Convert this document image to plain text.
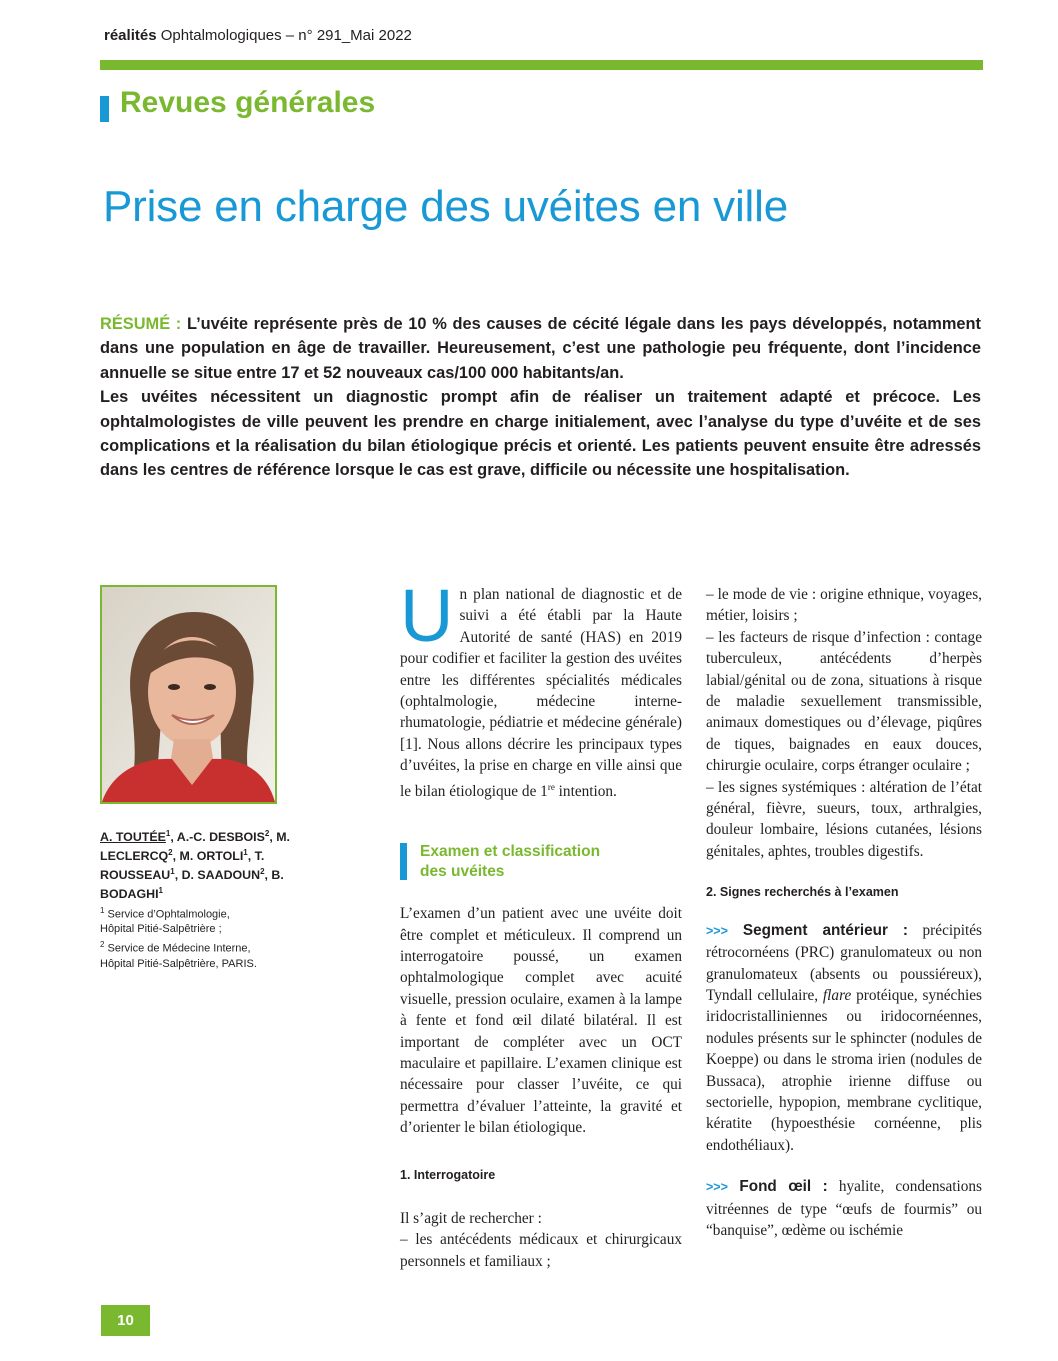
réalités Ophtalmologiques – n° 291_Mai 2022
Revues générales
Prise en charge des uvéites en ville

RÉSUMÉ : L’uvéite représente près de 10 % des causes de cécité légale dans les pays développés, notamment dans une population en âge de travailler. Heureusement, c’est une pathologie peu fréquente, dont l’incidence annuelle se situe entre 17 et 52 nouveaux cas/100 000 habitants/an.

Les uvéites nécessitent un diagnostic prompt afin de réaliser un traitement adapté et précoce. Les ophtalmologistes de ville peuvent les prendre en charge initialement, avec l’analyse du type d’uvéite et de ses complications et la réalisation du bilan étiologique précis et orienté. Les patients peuvent ensuite être adressés dans les centres de référence lorsque le cas est grave, difficile ou nécessite une hospitalisation.

A. TOUTÉE$^1$, A.-C. DESBOIS$^2$, M. LECLERCQ$^2$, M. ORTOLI$^1$, T. ROUSSEAU$^1$, D. SAADOUN$^2$, B. BODAGHI$^1$
$^1$ Service d’Ophtalmologie,
Hôpital Pitié-Salpêtrière ;
$^2$ Service de Médecine Interne,
Hôpital Pitié-Salpêtrière, PARIS.

Un plan national de diagnostic et de suivi a été établi par la Haute Autorité de santé (HAS) en 2019 pour codifier et faciliter la gestion des uvéites entre les différentes spécialités médicales (ophtalmologie, médecine interne-rhumatologie, pédiatrie et médecine générale) [1]. Nous allons décrire les principaux types d’uvéites, la prise en charge en ville ainsi que le bilan étiologique de 1re intention.

Examen et classification
des uvéites

L’examen d’un patient avec une uvéite doit être complet et méticuleux. Il comprend un interrogatoire poussé, un examen ophtalmologique complet avec acuité visuelle, pression oculaire, examen à la lampe à fente et fond œil dilaté bilatéral. Il est important de compléter avec un OCT maculaire et papillaire. L’examen clinique est nécessaire pour classer l’uvéite, ce qui permettra d’évaluer l’atteinte, la gravité et d’orienter le bilan étiologique.

1. Interrogatoire

Il s’agit de rechercher :

– les antécédents médicaux et chirurgicaux personnels et familiaux ;

– le mode de vie : origine ethnique, voyages, métier, loisirs ;

– les facteurs de risque d’infection : contage tuberculeux, antécédents d’herpès labial/génital ou de zona, situations à risque de maladie sexuellement transmissible, animaux domestiques ou d’élevage, piqûres de tiques, baignades en eaux douces, chirurgie oculaire, corps étranger oculaire ;

– les signes systémiques : altération de l’état général, fièvre, sueurs, toux, arthralgies, douleur lombaire, lésions cutanées, lésions génitales, aphtes, troubles digestifs.

2. Signes recherchés à l’examen

>>> Segment antérieur : précipités rétrocornéens (PRC) granulomateux ou non granulomateux (absents ou poussiéreux), Tyndall cellulaire, flare protéique, synéchies iridocristalliniennes ou iridocornéennes, nodules présents sur le sphincter (nodules de Koeppe) ou dans le stroma irien (nodules de Bussaca), atrophie irienne diffuse ou sectorielle, hypopion, membrane cyclitique, kératite (hypoesthésie cornéenne, plis endothéliaux).

>>> Fond œil : hyalite, condensations vitréennes de type “œufs de fourmis” ou “banquise”, œdème ou ischémie

10
